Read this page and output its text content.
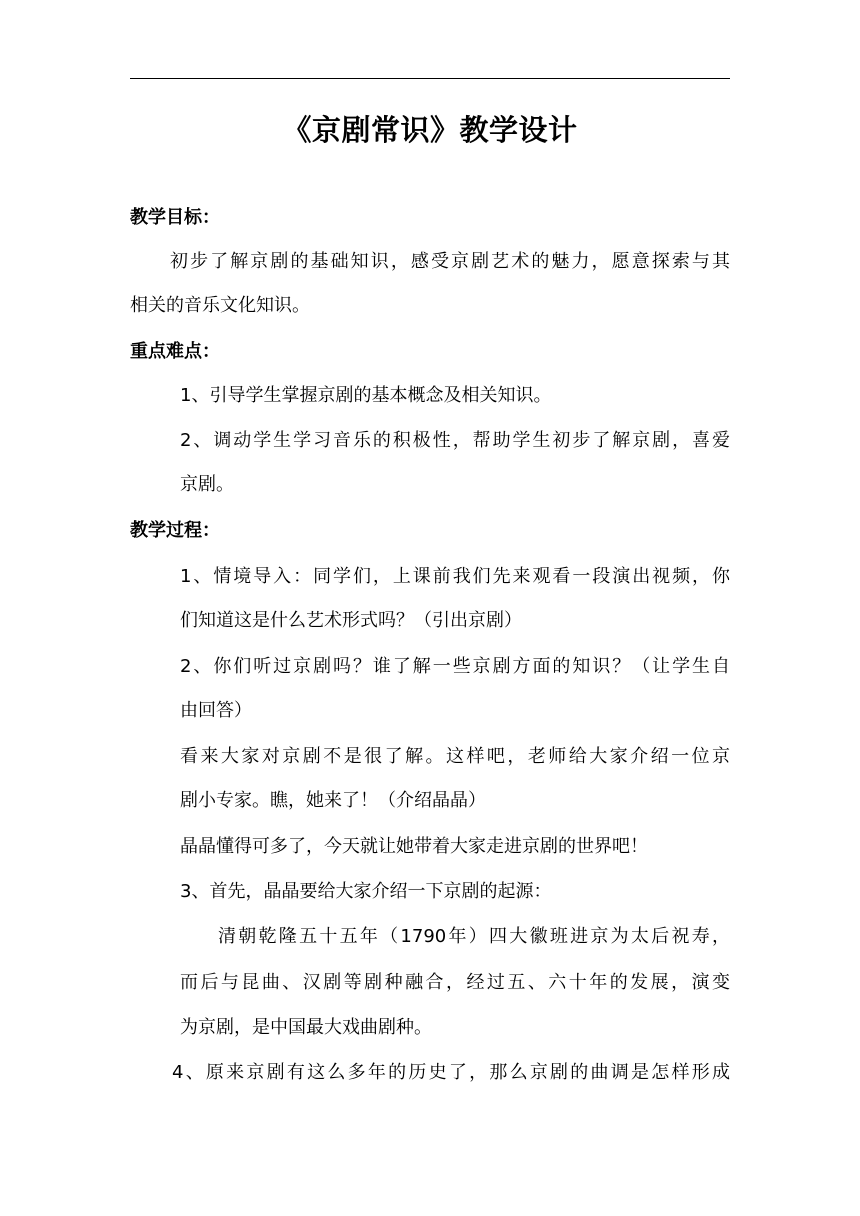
《京剧常识》教学设计
教学目标：
初步了解京剧的基础知识，感受京剧艺术的魅力，愿意探索与其
相关的音乐文化知识。
重点难点：
1、引导学生掌握京剧的基本概念及相关知识。
2、调动学生学习音乐的积极性，帮助学生初步了解京剧，喜爱
京剧。
教学过程：
1、情境导入：同学们，上课前我们先来观看一段演出视频，你
们知道这是什么艺术形式吗？（引出京剧）
2、你们听过京剧吗？谁了解一些京剧方面的知识？（让学生自
由回答）
看来大家对京剧不是很了解。这样吧，老师给大家介绍一位京
剧小专家。瞧，她来了！（介绍晶晶）
晶晶懂得可多了，今天就让她带着大家走进京剧的世界吧！
3、首先，晶晶要给大家介绍一下京剧的起源：
清朝乾隆五十五年（1790年）四大徽班进京为太后祝寿，
而后与昆曲、汉剧等剧种融合，经过五、六十年的发展，演变
为京剧，是中国最大戏曲剧种。
4、原来京剧有这么多年的历史了，那么京剧的曲调是怎样形成
